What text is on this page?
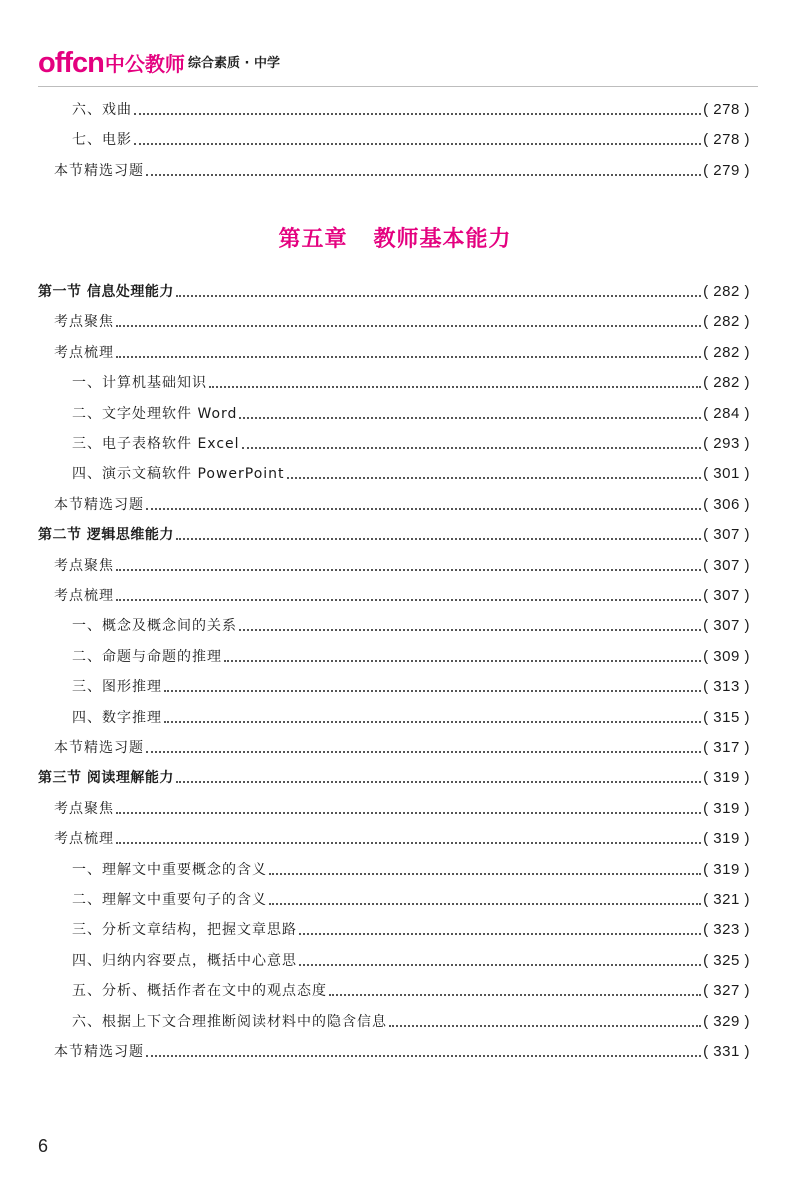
offcn 中公教师 综合素质 · 中学
六、戏曲	( 278 )
七、电影	( 278 )
本节精选习题	( 279 )
第五章   教师基本能力
第一节 信息处理能力	( 282 )
考点聚焦	( 282 )
考点梳理	( 282 )
一、计算机基础知识	( 282 )
二、文字处理软件 Word	( 284 )
三、电子表格软件 Excel	( 293 )
四、演示文稿软件 PowerPoint	( 301 )
本节精选习题	( 306 )
第二节 逻辑思维能力	( 307 )
考点聚焦	( 307 )
考点梳理	( 307 )
一、概念及概念间的关系	( 307 )
二、命题与命题的推理	( 309 )
三、图形推理	( 313 )
四、数字推理	( 315 )
本节精选习题	( 317 )
第三节 阅读理解能力	( 319 )
考点聚焦	( 319 )
考点梳理	( 319 )
一、理解文中重要概念的含义	( 319 )
二、理解文中重要句子的含义	( 321 )
三、分析文章结构，把握文章思路	( 323 )
四、归纳内容要点，概括中心意思	( 325 )
五、分析、概括作者在文中的观点态度	( 327 )
六、根据上下文合理推断阅读材料中的隐含信息	( 329 )
本节精选习题	( 331 )
6
